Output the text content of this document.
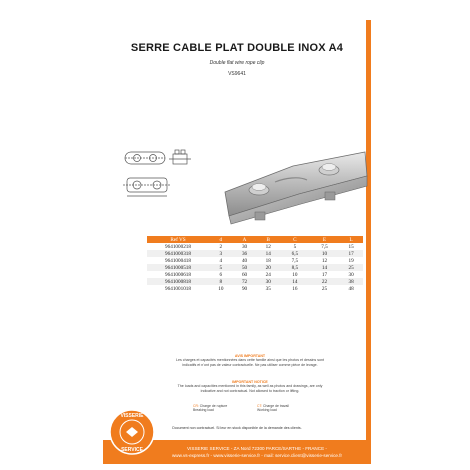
SERRE CABLE PLAT DOUBLE INOX A4
Double flat wire rope clip
VS9641
AVIS IMPORTANT
Les charges et capacités mentionnées dans cette famille ainsi que les photos et dessins sont indicatifs et n'ont pas de valeur contractuelle. Ne pas utiliser comme pièce de levage.
IMPORTANT NOTICE
The loads and capacities mentioned in this family, as well as photos and drawings, are only indicative and not contractual. Not allowed to traction or lifting.
CR: Charge de rupture
Breaking load
CT: Charge de travail
Working load
Document non contractuel. Si leur en stock disponible de la demande des clients.
Ref VS	d	A	B	C	E	L
9641000218	2	30	12	5	7,5	15
9641000318	3	36	14	6,5	10	17
9641000418	4	40	18	7,5	12	19
9641000518	5	50	20	8,5	14	25
9641000618	6	60	24	10	17	30
9641000818	8	72	30	14	22	38
9641001018	10	90	35	16	25	48
VISSERIE SERVICE - ZA Nord 72300 PARCE/SARTHE - FRANCE -
www.vs-express.fr - www.visserie-service.fr - mail: service.client@visserie-service.fr
VISSERIE
SERVICE
